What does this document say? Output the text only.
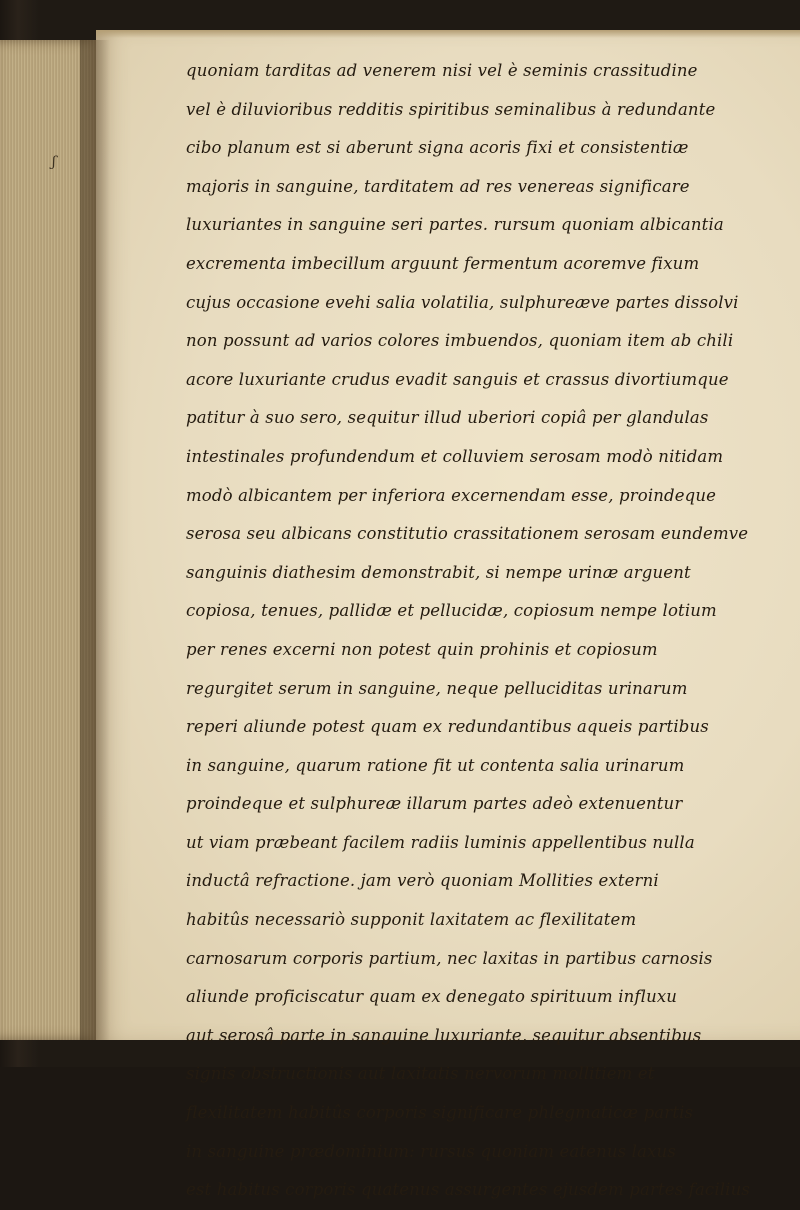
ʃ
quoniam tarditas ad venerem nisi vel è seminis crassitudine
vel è diluvioribus redditis spiritibus seminalibus à redundante
cibo planum est si aberunt signa acoris fixi et consistentiæ
majoris in sanguine, tarditatem ad res venereas significare
luxuriantes in sanguine seri partes. rursum quoniam albicantia
excrementa imbecillum arguunt fermentum acoremve fixum
cujus occasione evehi salia volatilia, sulphureæve partes dissolvi
non possunt ad varios colores imbuendos, quoniam item ab chili
acore luxuriante crudus evadit sanguis et crassus divortiumque
patitur à suo sero, sequitur illud uberiori copiâ per glandulas
intestinales profundendum et colluviem serosam modò nitidam
modò albicantem per inferiora excernendam esse, proindeque
serosa seu albicans constitutio crassitationem serosam eundemve
sanguinis diathesim demonstrabit, si nempe urinæ arguent
copiosa, tenues, pallidæ et pellucidæ, copiosum nempe lotium
per renes excerni non potest quin prohinis et copiosum
regurgitet serum in sanguine, neque pelluciditas urinarum
reperi aliunde potest quam ex redundantibus aqueis partibus
in sanguine, quarum ratione fit ut contenta salia urinarum
proindeque et sulphureæ illarum partes adeò extenuentur
ut viam præbeant facilem radiis luminis appellentibus nulla
inductâ refractione. jam verò quoniam Mollities externi
habitûs necessariò supponit laxitatem ac flexilitatem
carnosarum corporis partium, nec laxitas in partibus carnosis
aliunde proficiscatur quam ex denegato spirituum influxu
aut serosâ parte in sanguine luxuriante, sequitur absentibus
signis obstructionis aut laxitatis nervorum mollitiem et
flexilitatem habitûs corporis significare phlegmaticæ partis
in sanguine prædominium: rursus quoniam eatenus laxus
est habitus corporis quatenus assurgentes ejusdem partes facilius
